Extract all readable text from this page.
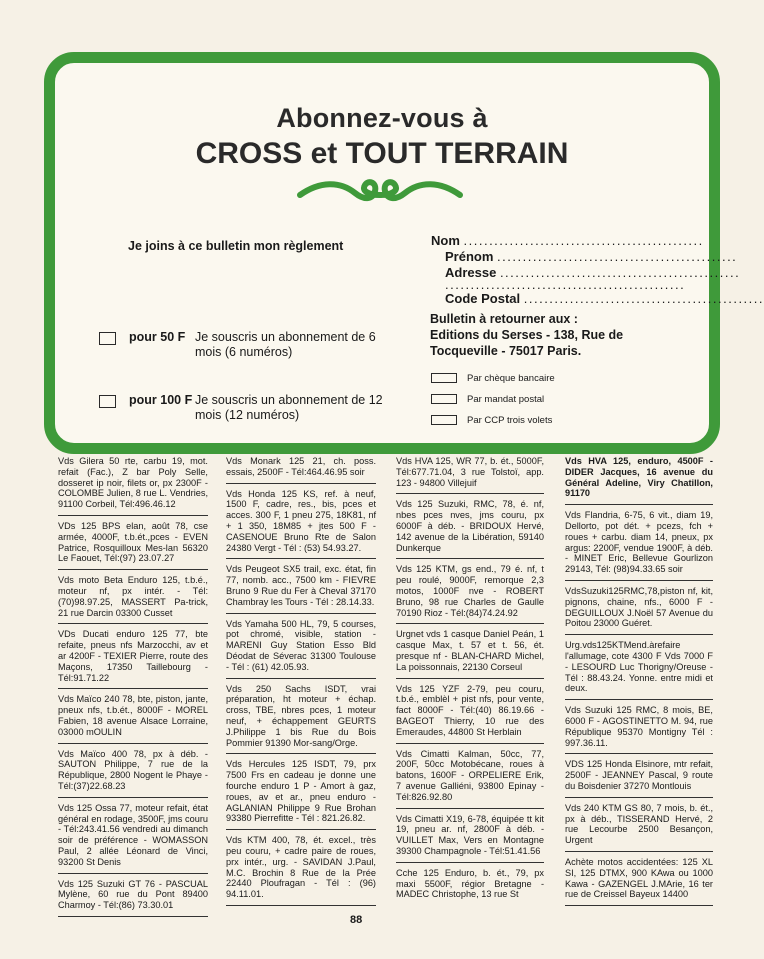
Abonnez-vous à
CROSS et TOUT TERRAIN
Je joins à ce bulletin mon règlement	Nom ...............................................
Prénom ...............................................
Adresse ...............................................
...............................................
Code Postal ...............................................
pour 50 F Je souscris un abonnement de 6 mois (6 numéros)
pour 100 F Je souscris un abonnement de 12 mois (12 numéros)
Bulletin à retourner aux :
Editions du Serses - 138, Rue de
Tocqueville - 75017 Paris.
Par chèque bancaire
Par mandat postal
Par CCP trois volets
Vds Gilera 50 rte, carbu 19, mot. refait (Fac.), Z bar Poly Selle, dosseret ip noir, filets or, px 2300F - COLOMBE Julien, 8 rue L. Vendries, 91100 Corbeil, Tél:496.46.12
VDs 125 BPS elan, août 78, cse armée, 4000F, t.b.ét.,pces - EVEN Patrice, Rosquilloux Mes-lan 56320 Le Faouet, Tél:(97) 23.07.27
Vds moto Beta Enduro 125, t.b.é., moteur nf, px intér. - Tél:(70)98.97.25, MASSERT Pa-trick, 21 rue Darcin 03300 Cusset
VDs Ducati enduro 125 77, bte refaite, pneus nfs Marzocchi, av et ar 4200F - TEXIER Pierre, route des Maçons, 17350 Taillebourg - Tél:91.71.22
Vds Maïco 240 78, bte, piston, jante, pneux nfs, t.b.ét., 8000F - MOREL Fabien, 18 avenue Alsace Lorraine, 03000 mOULIN
Vds Maïco 400 78, px à déb. - SAUTON Philippe, 7 rue de la République, 2800 Nogent le Phaye - Tél:(37)22.68.23
Vds 125 Ossa 77, moteur refait, état général en rodage, 3500F, jms couru - Tél:243.41.56 vendredi au dimanch soir de préférence - WOMASSON Paul, 2 allée Léonard de Vinci, 93200 St Denis
Vds 125 Suzuki GT 76 - PASCUAL Mylène, 60 rue du Pont 89400 Charmoy - Tél:(86) 73.30.01
Vds Monark 125 21, ch. poss. essais, 2500F - Tél:464.46.95 soir
Vds Honda 125 KS, ref. à neuf, 1500 F, cadre, res., bis, pces et acces. 300 F, 1 pneu 275, 18K81, nf + 1 350, 18M85 + jtes 500 F - CASENOUE Bruno Rte de Salon 24380 Vergt - Tél : (53) 54.93.27.
Vds Peugeot SX5 trail, exc. état, fin 77, nomb. acc., 7500 km - FIEVRE Bruno 9 Rue du Fer à Cheval 37170 Chambray les Tours - Tél : 28.14.33.
Vds Yamaha 500 HL, 79, 5 courses, pot chromé, visible, station - MARENI Guy Station Esso Bld Déodat de Séverac 31300 Toulouse - Tél : (61) 42.05.93.
Vds 250 Sachs ISDT, vrai préparation, ht moteur + échap. cross, TBE, nbres pces, 1 moteur neuf, + échappement GEURTS J.Philippe 1 bis Rue du Bois Pommier 91390 Mor-sang/Orge.
Vds Hercules 125 ISDT, 79, prx 7500 Frs en cadeau je donne une fourche enduro 1 P - Amort à gaz, roues, av et ar., pneu enduro - AGLANIAN Philippe 9 Rue Brohan 93380 Pierrefitte - Tél : 821.26.82.
Vds KTM 400, 78, ét. excel., très peu couru, + cadre paire de roues, prx intér., urg. - SAVIDAN J.Paul, M.C. Brochin 8 Rue de la Prée 22440 Ploufragan - Tél : (96) 94.11.01.
Vds HVA 125, WR 77, b. ét., 5000F, Tél:677.71.04, 3 rue Tolstoï, app. 123 - 94800 Villejuif
Vds 125 Suzuki, RMC, 78, é. nf, nbes pces nves, jms couru, px 6000F à déb. - BRIDOUX Hervé, 142 avenue de la Libération, 59140 Dunkerque
Vds 125 KTM, gs end., 79 é. nf, t peu roulé, 9000F, remorque 2,3 motos, 1000F nve - ROBERT Bruno, 98 rue Charles de Gaulle 70190 Rioz - Tél:(84)74.24.92
Urgnet vds 1 casque Daniel Peán, 1 casque Max, t. 57 et t. 56, ét. presque nf - BLAN-CHARD Michel, La poissonnais, 22130 Corseul
Vds 125 YZF 2-79, peu couru, t.b.é., emblèl + pist nfs, pour vente, fact 8000F - Tél:(40) 86.19.66 - BAGEOT Thierry, 10 rue des Emeraudes, 44800 St Herblain
Vds Cimatti Kalman, 50cc, 77, 200F, 50cc Motobécane, roues à batons, 1600F - ORPELIERE Erik, 7 avenue Galliéni, 93800 Epinay - Tél:826.92.80
Vds Cimatti X19, 6-78, équipée tt kit 19, pneu ar. nf, 2800F à déb. - VUILLET Max, Vers en Montagne 39300 Champagnole - Tél:51.41.56
Cche 125 Enduro, b. ét., 79, px maxi 5500F, régior Bretagne - MADEC Christophe, 13 rue St
Vds HVA 125, enduro, 4500F - DIDER Jacques, 16 avenue du Général Adeline, Viry Chatillon, 91170
Vds Flandria, 6-75, 6 vit., diam 19, Dellorto, pot dét. + pcezs, fch + roues + carbu. diam 14, pneux, px argus: 2200F, vendue 1900F, à déb. - MINET Eric, Bellevue Gourlizon 29143, Tél: (98)94.33.65 soir
VdsSuzuki125RMC,78,piston nf, kit, pignons, chaine, nfs., 6000 F - DEGUILLOUX J.Noël 57 Avenue du Poitou 23000 Guéret.
Urg.vds125KTMend.àrefaire l'allumage, cote 4300 F Vds 7000 F - LESOURD Luc Thorigny/Oreuse - Tél : 88.43.24. Yonne. entre midi et deux.
Vds Suzuki 125 RMC, 8 mois, BE, 6000 F - AGOSTINETTO M. 94, rue République 95370 Montigny Tél : 997.36.11.
VDS 125 Honda Elsinore, mtr refait, 2500F - JEANNEY Pascal, 9 route du Boisdenier 37270 Montlouis
Vds 240 KTM GS 80, 7 mois, b. ét., px à déb., TISSERAND Hervé, 2 rue Lecourbe 2500 Besançon, Urgent
Achète motos accidentées: 125 XL SI, 125 DTMX, 900 KAwa ou 1000 Kawa - GAZENGEL J.MArie, 16 ter rue de Creissel Bayeux 14400
88
